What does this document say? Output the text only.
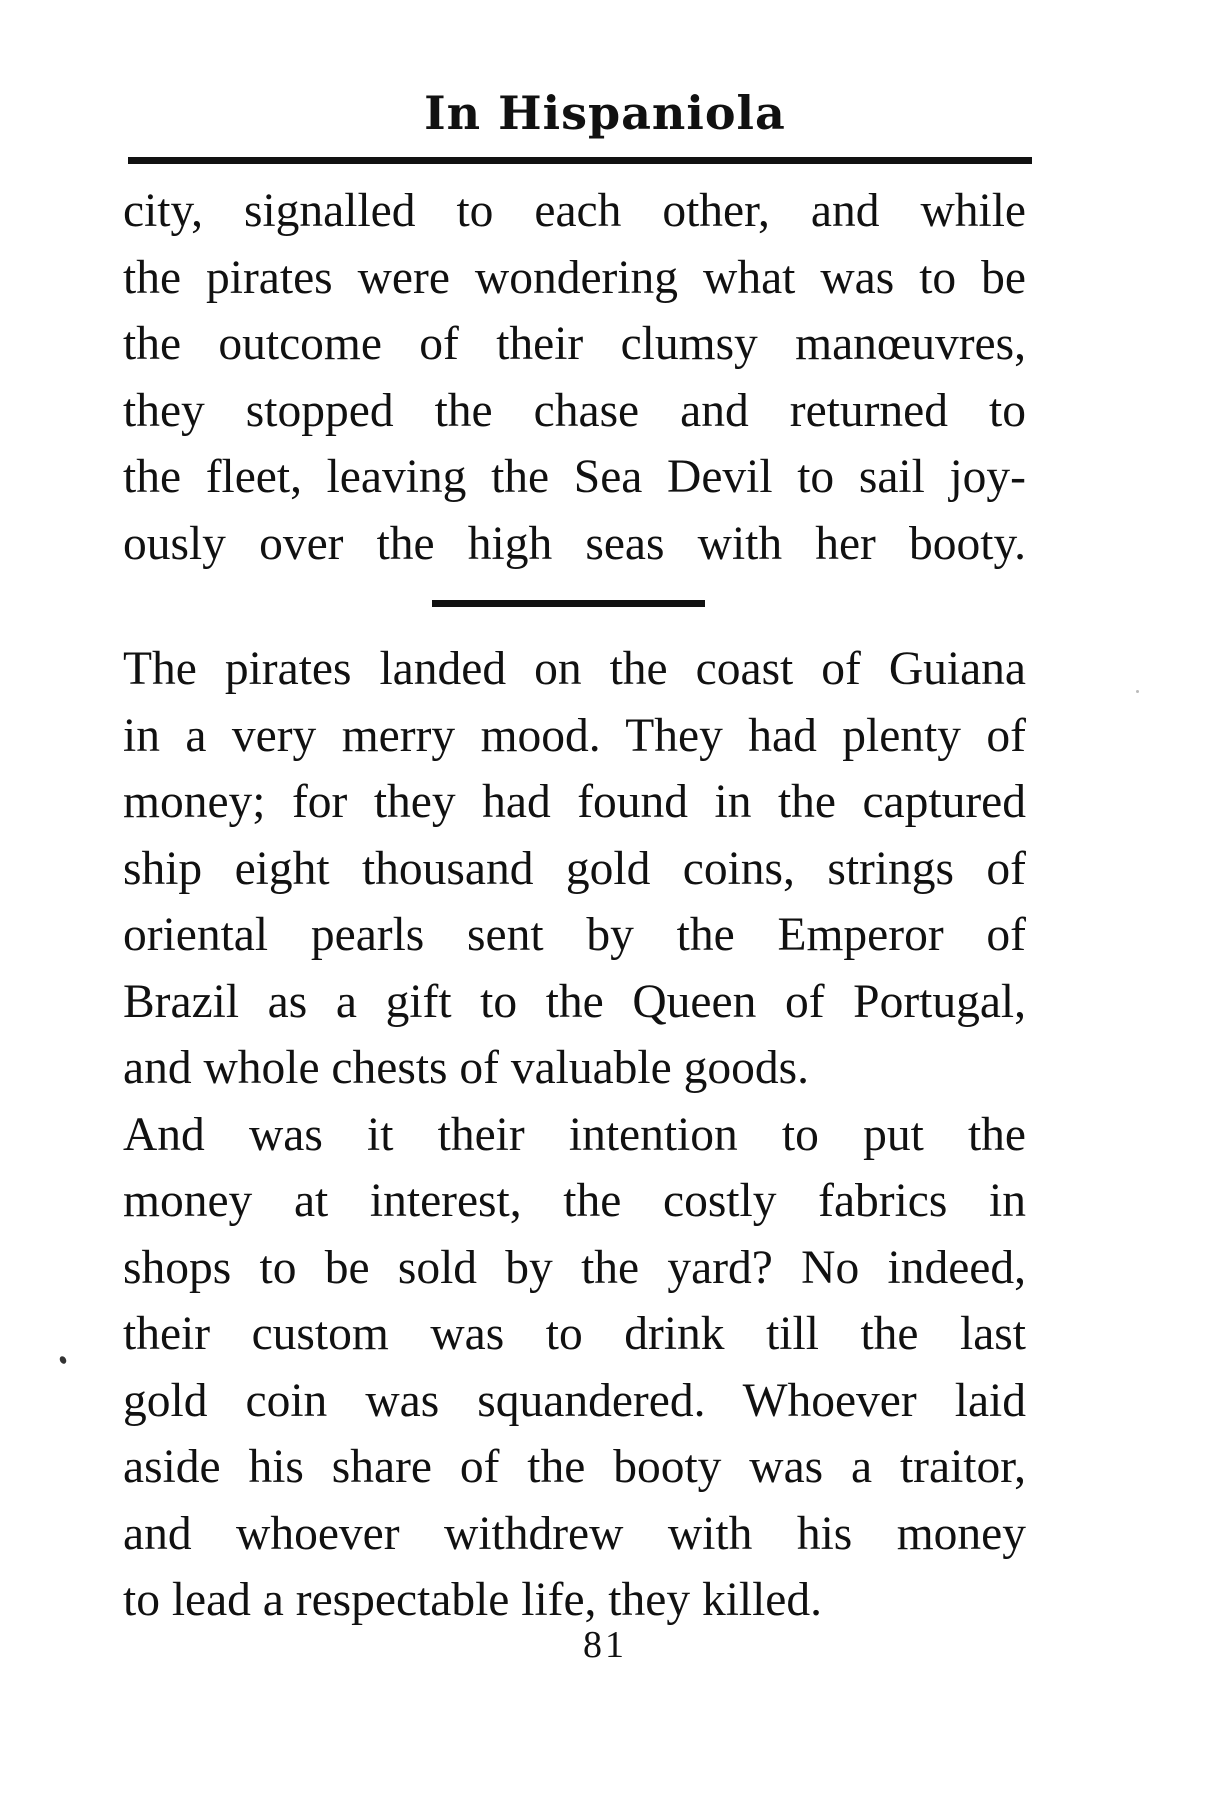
In Hispaniola
city, signalled to each other, and while
the pirates were wondering what was to be
the outcome of their clumsy manœuvres,
they stopped the chase and returned to
the fleet, leaving the Sea Devil to sail joy-
ously over the high seas with her booty.
The pirates landed on the coast of Guiana
in a very merry mood. They had plenty of
money; for they had found in the captured
ship eight thousand gold coins, strings of
oriental pearls sent by the Emperor of
Brazil as a gift to the Queen of Portugal,
and whole chests of valuable goods.
And was it their intention to put the
money at interest, the costly fabrics in
shops to be sold by the yard? No indeed,
their custom was to drink till the last
gold coin was squandered. Whoever laid
aside his share of the booty was a traitor,
and whoever withdrew with his money
to lead a respectable life, they killed.
81
